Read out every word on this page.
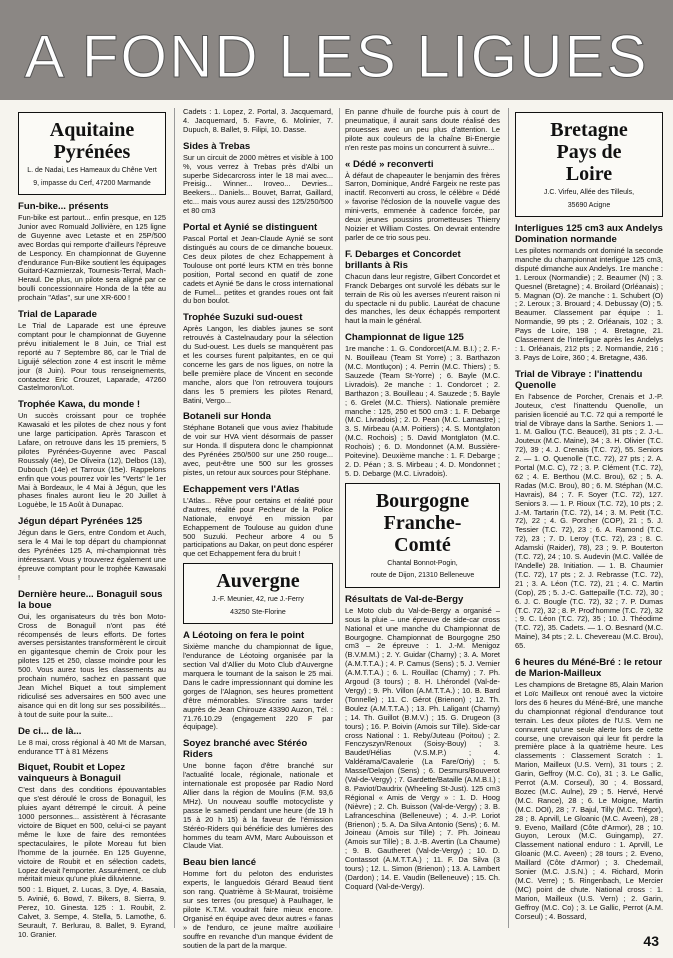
A FOND LES LIGUES
Aquitaine
Pyrénées
L. de Nadai, Les Hameaux du Chêne Vert
9, impasse du Cerf, 47200 Marmande
Fun-bike... présents
Fun-bike est partout... enfin presque, en 125 Junior avec Romuald Jollivière, en 125 ligne de Guyenne avec Letaste et en 25P/500 avec Bordas qui remporte d'ailleurs l'épreuve de Lesponcy. En championnat de Guyenne d'endurance Fun-Bike soutient les équipages Guitard-Kazmierzak, Tournesis-Terral, Mach-Heraul. De plus, un pilote sera aligné par ce boulli concessionnaire Honda de la tête au prochain "Atlas", sur une XR-600 !
Trial de Laparade
Le Trial de Laparade est une épreuve comptant pour le championnat de Guyenne prévu initialement le 8 Juin, ce Trial est reporté au 7 Septembre 86, car le Trial de Liguijé sélection zone 4 est inscrit le même jour (8 Juin). Pour tous renseignements, contactez Eric Crouzet, Laparade, 47260 Castelmoron/Lot.
Trophée Kawa, du monde !
Un succès croissant pour ce trophée Kawasaki et les pilotes de chez nous y font une large participation. Après Tarascon et Lafare, on retrouve dans les 15 premiers, 5 pilotes Pyrénées-Guyenne avec Pascal Roussaly (4e), De Oliveira (12), Delbos (13), Dubouch (14e) et Tarroux (15e). Rappelons enfin que vous pourrez voir les "Verts" le 1er Mai à Bordeaux, le 4 Mai à Jégun, que les phases finales auront lieu le 20 Juillet à Loguèbe, le 15 Août à Dunapac.
Jégun départ Pyrénées 125
Jégun dans le Gers, entre Condom et Auch, sera le 4 Mai le top départ du championnat des Pyrénées 125 A, mi-championnat très intéressant. Vous y trouverez également une épreuve comptant pour le trophée Kawasaki !
Dernière heure... Bonaguil sous la boue
Oui, les organisateurs du très bon Moto-Cross de Bonaguil n'ont pas été récompensés de leurs efforts. De fortes averses persistantes transformèrent le circuit en gigantesque chemin de Croix pour les pilotes 125 et 250, classe moindre pour les 500. Vous aurez tous les classements au prochain numéro, sachez en passant que Jean Michel Biquet a tout simplement ridiculisé ses adversaires en 500 avec une aisance qui en dit long sur ses possibilités... à tout de suite pour la suite...
De ci... de là...
Le 8 mai, cross régional à 40 Mt de Marsan, endurance TT à 81 Mézens
Biquet, Roubit et Lopez vainqueurs à Bonaguil
C'est dans des conditions épouvantables que s'est déroulé le cross de Bonaguil, les pluies ayant détrempé le circuit. À peine 1000 personnes... assistèrent à l'écrasante victoire de Biquet en 500, celui-ci se payant même le luxe de faire des remontées spectaculaires, le pilote Moreau fut bien l'homme de la journée. En 125 Guyenne, victoire de Roubit et en sélection cadets, Lopez devait l'emporter. Assurément, ce club méritait mieux qu'une pluie diluvienne.
500 : 1. Biquet, 2. Lucas, 3. Dye, 4. Basaia, 5. Avinié, 6. Bowd, 7. Bikers, 8. Sierra, 9. Perez, 10. Ginesta. 125 : 1. Roubit, 2. Calvet, 3. Sempe, 4. Stella, 5. Lamothe, 6. Seurault, 7. Berlurau, 8. Ballet, 9. Eyrand, 10. Granier.
Cadets : 1. Lopez, 2. Portal, 3. Jacquemard, 4. Jacquemard, 5. Favre, 6. Molinier, 7. Dupuch, 8. Ballet, 9. Filipi, 10. Dasse.
Sides à Trebas
Sur un circuit de 2000 mètres et visible à 100 %, vous verrez à Trebas près d'Albi un superbe Sidecarcross inter le 18 mai avec... Preisig... Winner... Iroveo... Devries... Beekers... Daniels... Bouvet, Barrat, Gaillard, etc... mais vous aurez aussi des 125/250/500 et 80 cm3
Portal et Aynié se distinguent
Pascal Portal et Jean-Claude Aynié se sont distingués au cours de ce dimanche boueux. Ces deux pilotes de chez Echappement à Toulouse ont porté leurs KTM en très bonne position, Portal second en quatif de zone cadets et Aynié 5e dans le cross international de Fumel... petites et grandes roues ont fait du bon boulot.
Trophée Suzuki sud-ouest
Après Langon, les diables jaunes se sont retrouvés à Castelnaudary pour la sélection du Sud-ouest. Les duels se manquèrent pas et les courses furent palpitantes, en ce qui concerne les gars de nos ligues, on notre la belle première place de Vincent en seconde manche, alors que l'on retrouvera toujours dans les 5 premiers les pilotes Renard, Batini, Vergo...
Botaneli sur Honda
Stéphane Botaneli que vous aviez l'habitude de voir sur HVA vient désormais de passer sur Honda. Il disputera donc le championnat des Pyrénées 250/500 sur une 250 rouge... avec, peut-être une 500 sur les grosses pistes, un retour aux sources pour Stéphane.
Echappement vers l'Atlas
L'Atlas... Rêve pour certains et réalité pour d'autres, réalité pour Pecheur de la Police Nationale, envoyé en mission par Echappement de Toulouse au guidon d'une 500 Suzuki. Pecheur arbore 4 ou 5 participations au Dakar, on peut donc espérer que cet Echappement fera du bruit !
Auvergne
J.-F. Meunier, 42, rue J.-Ferry
43250 Ste-Florine
A Léotoing on fera le point
Sixième manche du championnat de ligue, l'endurance de Léotoing organisée par la section Val d'Allier du Moto Club d'Auvergne marquera le tournant de la saison le 25 mai. Dans le cadre impressionnant qui domine les gorges de l'Alagnon, ses heures promettent d'être mémorables. S'inscrire sans tarder auprès de Jean Chirouze 43390 Auzon, Tél. : 71.76.10.29 (engagement 220 F par équipage).
Soyez branché avec Stéréo Riders
Une bonne façon d'être branché sur l'actualité locale, régionale, nationale et internationale est proposée par Radio Nord Allier dans la région de Moulins (F.M. 93,6 MHz). Un nouveau souffle motocycliste y passe le samedi pendant une heure (de 19 h 15 à 20 h 15) à la faveur de l'émission Stéréo-Riders qui bénéficie des lumières des hommes du team AVM, Marc Aubouisson et Claude Viat.
Beau bien lancé
Homme fort du peloton des enduristes experts, le languedois Gérard Beaud tient son rang. Quatrième à St-Maurat, troisième sur ses terres (ou presque) à Paulhager, le pilote K.T.M. voudrait faire mieux encore. Organisé en équipe avec deux autres « fanas » de l'enduro, ce jeune maître auxiliaire souffre en revanche d'un manque évident de soutien de la part de la marque.
En panne d'huile de fourche puis à court de pneumatique, il aurait sans doute réalisé des prouesses avec un peu plus d'attention. Le pilote aux couleurs de la chaîne Bi-Energie n'en reste pas moins un concurrent à suivre...
« Dédé » reconverti
À défaut de chapeauter le benjamin des frères Sarron, Dominique, André Fargeix ne reste pas inactif. Reconverti au cross, le célèbre « Dédé » favorise l'éclosion de la nouvelle vague des mini-verts, emmenée à cadence forcée, par deux jeunes poussins prometteuses Thierry Noizier et William Costes. On devrait entendre parler de ce trio sous peu.
F. Debarges et Concordet brillants à Ris
Chacun dans leur registre, Gilbert Concordet et Franck Debarges ont survolé les débats sur le terrain de Ris où les averses n'eurent raison ni du spectacle ni du public. Lauréat de chacune des manches, les deux échappés remportent haut la main le général.
Championnat de ligue 125
1re manche : 1. G. Condorcet(A.M. B.I.) ; 2. F.-N. Bouilleau (Team St Yorre) ; 3. Barthazon (M.C. Montluçon) ; 4. Perrin (M.C. Thiers) ; 5. Sauzede (Team St-Yorre) ; 6. Bayle (M.C. Livradois). 2e manche : 1. Condorcet ; 2. Barthazon ; 3. Bouilleau ; 4. Sauzede ; 5. Bayle ; 6. Grelet (M.C. Thiers). Nationale première manche : 125, 250 et 500 cm3 : 1. F. Debarge (M.C. Livradois) ; 2. D. Pean (M.C. Lamastre) ; 3. S. Mirbeau (A.M. Poitiers) ; 4. S. Montglaton (M.C. Rochois) ; 5. David Montglaton (M.C. Rochois) ; 6. D. Mondonnet (A.M. Bussière-Poitevine). Deuxième manche : 1. F. Debarge ; 2. D. Péan ; 3. S. Mirbeau ; 4. D. Mondonnet ; 5. D. Debarge (M.C. Livradois).
Bourgogne
Franche-
Comté
Chantal Bonnot-Pogin,
route de Dijon, 21310 Belleneuve
Résultats de Val-de-Bergy
Le Moto club du Val-de-Bergy a organisé – sous la pluie – une épreuve de side-car cross National et une manche du Championnat de Bourgogne. Championnat de Bourgogne 250 cm3 – 2e épreuve : 1. J.-M. Menigoz (B.V.M.M.) ; 2. Y. Guidar (Charny) ; 3. A. Moret (A.M.T.T.A.) ; 4. P. Camus (Sens) ; 5. J. Vernier (A.M.T.T.A.) ; 6. L. Rouillac (Charny) ; 7. Ph. Argoud (3 tours) ; 8. H. Lhérondel (Val-de-Vergy) ; 9. Ph. Villon (A.M.T.T.A.) ; 10. B. Bard (Tonnelle) ; 11. C. Gérot (Brienon) ; 12. Th. Boulez (A.M.T.T.A.) ; 13. Ph. Laligant (Charny) ; 14. Th. Guillot (B.M.V.) ; 15. G. Drugeon (3 tours) ; 16. P. Boivin (Amois sur Tille). Side-car cross National : 1. Reby/Juteau (Poitou) ; 2. Fenczyszyn/Renoux (Soisy-Bouy) ; 3. Baudet/Hélias (V.S.M.P.) ; 4. Valdérama/Cavalerie (La Fare/Oriy) ; 5. Masse/Delajon (Sens) ; 6. Desmurs/Bouverot (Val-de-Vergy) ; 7. Gardette/Bataille (A.M.B.I.) ; 8. Paviot/Daudrix (Wheeling St-Just). 125 cm3 Régional « Amis de Vergy » : 1. D. Hoog (Nièvre) ; 2. Ch. Buisson (Val-de-Vergy) ; 3. B. Lafranceschina (Belleneuve) ; 4. J.-P. Loriot (Brienon) ; 5. A. Da Silva Antonio (Sens) ; 6. M. Joineau (Amois sur Tille) ; 7. Ph. Joineau (Amois sur Tille) ; 8. J.-B. Avertin (La Chaume) ; 9. B. Gautheret (Val-de-Vergy) ; 10. D. Contassot (A.M.T.T.A.) ; 11. F. Da Silva (3 tours) ; 12. L. Simon (Brienon) ; 13. A. Lambert (Dardon) ; 14. E. Vaudin (Belleneuve) ; 15. Ch. Coquard (Val-de-Vergy).
Bretagne
Pays de
Loire
J.C. Virfeu, Allée des Tilleuls,
35690 Acigne
Interligues 125 cm3 aux Andelys Domination normande
Les pilotes normands ont dominé la seconde manche du championnat interligue 125 cm3, disputé dimanche aux Andelys. 1re manche : 1. Leroux (Normandie) ; 2. Beaumer (N) ; 3. Quesnel (Bretagne) ; 4. Broilard (Orléanais) ; 5. Magnan (O). 2e manche : 1. Schubert (O) ; 2. Leroux ; 3. Brouard ; 4. Debussay (O) ; 5. Beaumer. Classement par équipe : 1. Normandie, 99 pts ; 2. Orléanais, 102 ; 3. Pays de Loire, 198 ; 4. Bretagne, 21. Classement de l'interligue après les Andelys : 1. Orléanais, 212 pts ; 2. Normandie, 216 ; 3. Pays de Loire, 360 ; 4. Bretagne, 436.
Trial de Vibraye : l'inattendu Quenolle
En l'absence de Porcher, Crenais et J.-P. Jouteux, c'est l'inattendu Quenolle, un parisien licencié au T.C. 72 qui a remporté le trial de Vibraye dans la Sarthe. Seniors 1. — 1. M. Gallou (T.C. Beauceï), 31 pts ; 2. J.-L. Jouteux (M.C. Maine), 34 ; 3. H. Olivier (T.C. 72), 39 ; 4. J. Crenais (T.C. 72), 55. Seniors 2. — 1. O. Quenolle (T.C. 72), 27 pts ; 2. A. Portal (M.C. C), 72 ; 3. P. Clément (T.C. 72), 62 ; 4. E. Berthou (M.C. Brou), 62 ; 5. A. Radas (M.C. Brou), 80 ; 6. M. Stéphan (M.C. Havrais), 84 ; 7. F. Soyer (T.C. 72), 127. Seniors 3. — 1. P. Rioux (T.C. 72), 10 pts ; 2. J.-M. Tartarin (T.C. 72), 14 ; 3. M. Petit (T.C. 72), 22 ; 4. G. Porcher (COP), 21 ; 5. J. Tessier (T.C. 72), 23 ; 6. A. Ramond (T.C. 72), 23 ; 7. D. Leroy (T.C. 72), 23 ; 8. C. Adamski (Raider), 78), 23 ; 9. P. Bouterton (T.C. 72), 24 ; 10. S. Audevin (M.C. Vallée de l'Andelle) 28. Initiation. — 1. B. Chaumier (T.C. 72), 17 pts ; 2. J. Rebrasse (T.C. 72), 21 ; 3. A. Léon (T.C. 72), 21 ; 4. C. Martin (Cop), 25 ; 5. J.-C. Gattepaille (T.C. 72), 30 ; 6. J. C. Bougle (T.C. 72), 32 ; 7. P. Dumas (T.C. 72), 32 ; 8. P. Prod'homme (T.C. 72), 32 ; 9. C. Léon (T.C. 72), 35 ; 10. J. Théodime (T.C. 72), 35. Cadets. — 1. O. Besnard (M.C. Maine), 34 pts ; 2. L. Chevereau (M.C. Brou), 65.
6 heures du Méné-Bré : le retour de Marion-Mailleux
Les champions de Bretagne 85, Alain Marion et Loïc Mailleux ont renoué avec la victoire lors des 6 heures du Méné-Bré, une manche du championnat régional d'endurance tout terrain. Les deux pilotes de l'U.S. Vern ne connurent qu'une seule alerte lors de cette course, une crevaison qui leur fit perdre la première place à la quatrième heure. Les classements : Classement Scratch : 1. Marion, Mailleux (U.S. Vern), 31 tours ; 2. Garin, Geffroy (M.C. Co), 31 ; 3. Le Gallic, Perrot (A.M. Corseul), 30 ; 4. Bossard, Bozec (M.C. Aulne), 29 ; 5. Hervé, Hervé (M.C. Rance), 28 ; 6. Le Moigne, Martin (M.C. DOI), 28 ; 7. Bajul, Tilly (M.C. Trégor), 28 ; 8. Aprvill, Le Gloanic (M.C. Aveen), 28 ; 9. Eveno, Maillard (Côte d'Armor), 28 ; 10. Guyon, Leroux (M.C. Guingamp), 27. Classement national enduro : 1. Aprvill, Le Gloanic (M.C. Aveen) ; 28 tours ; 2. Eveno, Maillard (Côte d'Armor) ; 3. Chedemail, Sonier (M.C. J.S.N.) ; 4. Richard, Morin (M.C. Verre) ; 5. Ringenbach, Le Mercier (MC) point de chute. National cross : 1. Marion, Mailleux (U.S. Vern) ; 2. Garin, Geffroy (M.C. Co) ; 3. Le Gallic, Perrot (A.M. Corseul) ; 4. Bossard,
43
